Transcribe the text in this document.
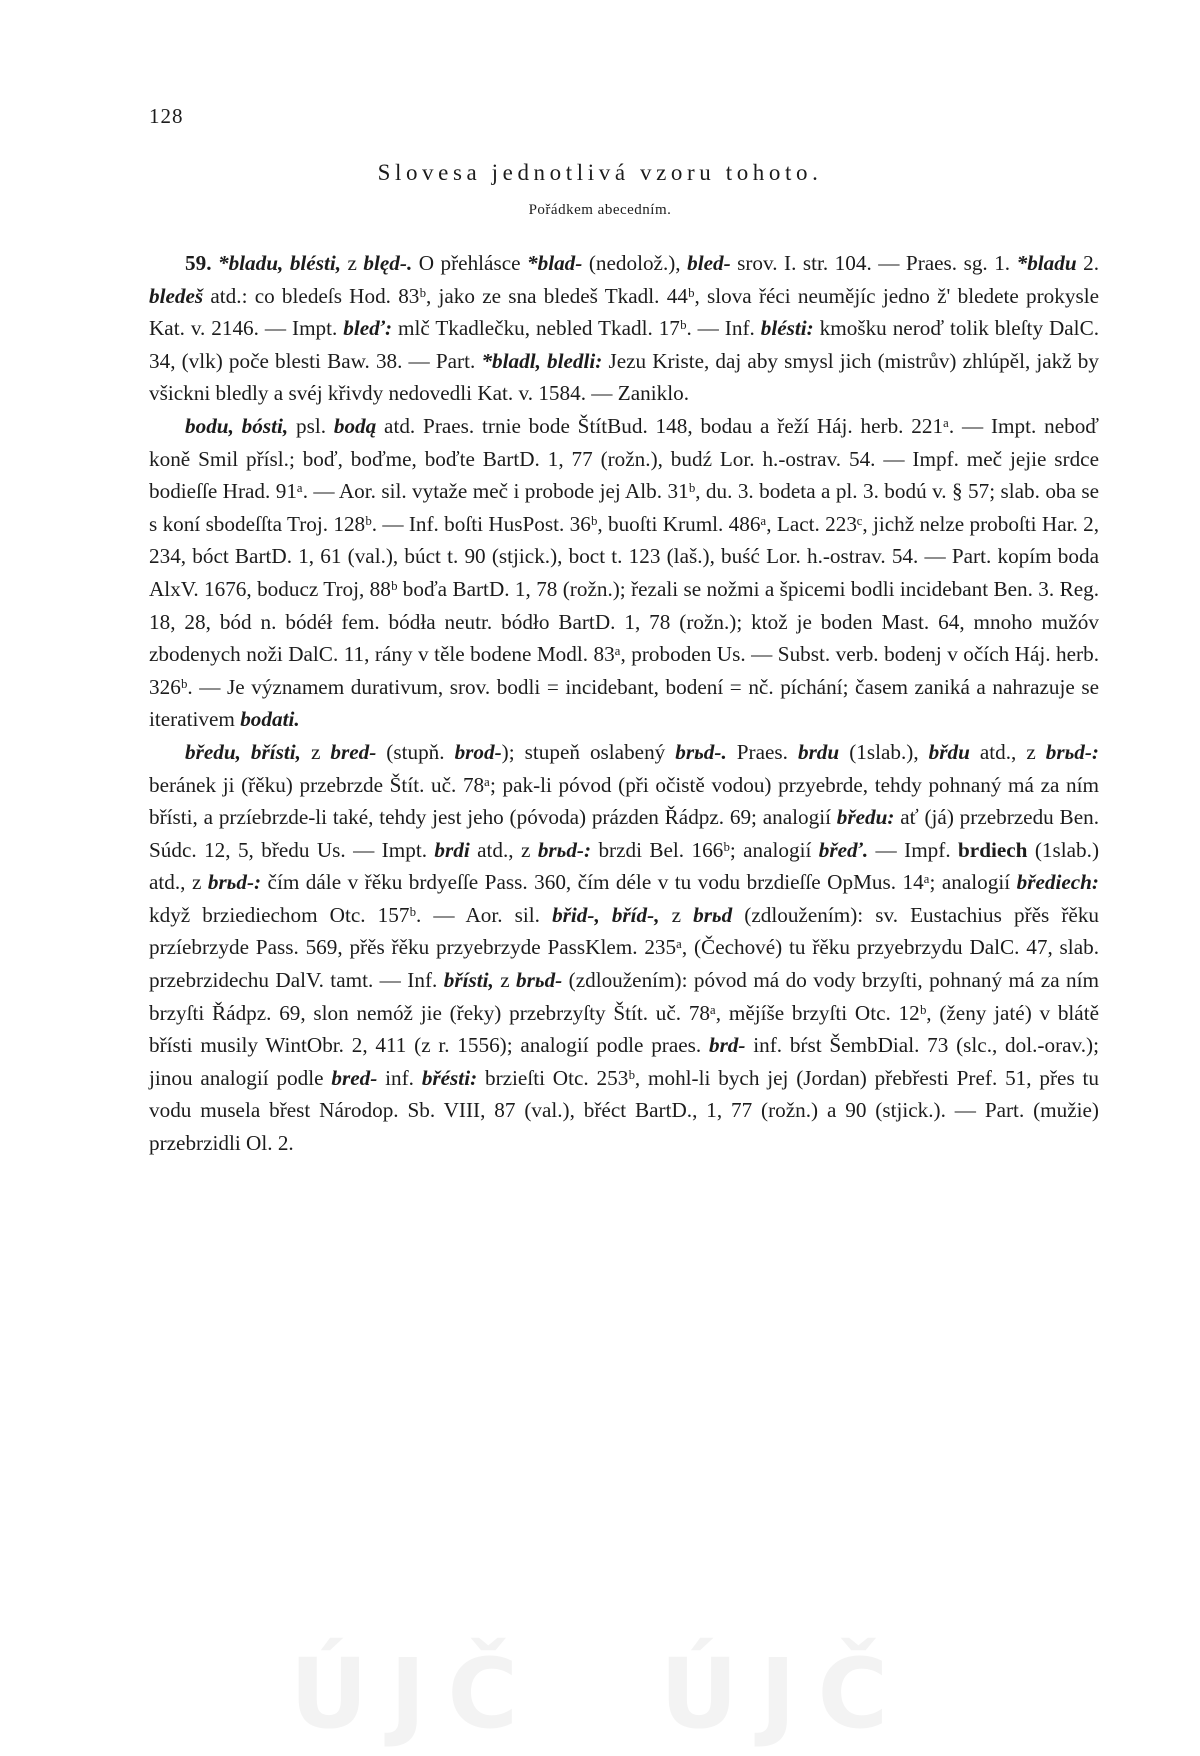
ÚJČ ÚJČ
128
Slovesa jednotlivá vzoru tohoto.
Pořádkem abecedním.

59. *bladu, blésti, z blęd-. O přehlásce *blad- (nedolož.), bled- srov. I. str. 104. — Praes. sg. 1. *bladu 2. bledeš atd.: co bledeſs Hod. 83ᵇ, jako ze sna bledeš Tkadl. 44ᵇ, slova řéci neumějíc jedno ž' bledete prokysle Kat. v. 2146. — Impt. bleď: mlč Tkadlečku, nebled Tkadl. 17ᵇ. — Inf. blésti: kmošku neroď tolik bleſty DalC. 34, (vlk) poče blesti Baw. 38. — Part. *bladl, bledli: Jezu Kriste, daj aby smysl jich (mistrův) zhlúpěl, jakž by všickni bledly a svéj křivdy nedovedli Kat. v. 1584. — Zaniklo.

bodu, bósti, psl. bodą atd. Praes. trnie bode ŠtítBud. 148, bodau a řeží Háj. herb. 221ᵃ. — Impt. neboď koně Smil přísl.; boď, boďme, boďte BartD. 1, 77 (rožn.), budź Lor. h.-ostrav. 54. — Impf. meč jejie srdce bodieſſe Hrad. 91ᵃ. — Aor. sil. vytaže meč i probode jej Alb. 31ᵇ, du. 3. bodeta a pl. 3. bodú v. § 57; slab. oba se s koní sbodeſſta Troj. 128ᵇ. — Inf. boſti HusPost. 36ᵇ, buoſti Kruml. 486ᵃ, Lact. 223ᶜ, jichž nelze proboſti Har. 2, 234, bóct BartD. 1, 61 (val.), búct t. 90 (stjick.), boct t. 123 (laš.), buść Lor. h.-ostrav. 54. — Part. kopím boda AlxV. 1676, boducz Troj, 88ᵇ boďa BartD. 1, 78 (rožn.); řezali se nožmi a špicemi bodli incidebant Ben. 3. Reg. 18, 28, bód n. bódéł fem. bódła neutr. bódło BartD. 1, 78 (rožn.); ktož je boden Mast. 64, mnoho mužóv zbodenych noži DalC. 11, rány v těle bodene Modl. 83ᵃ, proboden Us. — Subst. verb. bodenj v očích Háj. herb. 326ᵇ. — Je významem durativum, srov. bodli = incidebant, bodení = nč. píchání; časem zaniká a nahrazuje se iterativem bodati.

bředu, břísti, z bred- (stupň. brod-); stupeň oslabený brьd-. Praes. brdu (1slab.), břdu atd., z brьd-: beránek ji (řěku) przebrzde Štít. uč. 78ᵃ; pak-li póvod (při očistě vodou) przyebrde, tehdy pohnaný má za ním břísti, a przíebrzde-li také, tehdy jest jeho (póvoda) prázden Řádpz. 69; analogií bředu: ať (já) przebrzedu Ben. Súdc. 12, 5, bředu Us. — Impt. brdi atd., z brьd-: brzdi Bel. 166ᵇ; analogií břeď. — Impf. brdiech (1slab.) atd., z brьd-: čím dále v řěku brdyeſſe Pass. 360, čím déle v tu vodu brzdieſſe OpMus. 14ᵃ; analogií břediech: když brziediechom Otc. 157ᵇ. — Aor. sil. břid-, bříd-, z brьd (zdloužením): sv. Eustachius přěs řěku przíebrzyde Pass. 569, přěs řěku przyebrzyde PassKlem. 235ᵃ, (Čechové) tu řěku przyebrzydu DalC. 47, slab. przebrzidechu DalV. tamt. — Inf. břísti, z brьd- (zdloužením): póvod má do vody brzyſti, pohnaný má za ním brzyſti Řádpz. 69, slon nemóž jie (řeky) przebrzyſty Štít. uč. 78ᵃ, mějíše brzyſti Otc. 12ᵇ, (ženy jaté) v blátě břísti musily WintObr. 2, 411 (z r. 1556); analogií podle praes. brd- inf. bŕst ŠembDial. 73 (slc., dol.-orav.); jinou analogií podle bred- inf. břésti: brzieſti Otc. 253ᵇ, mohl-li bych jej (Jordan) přebřesti Pref. 51, přes tu vodu musela břest Národop. Sb. VIII, 87 (val.), břéct BartD., 1, 77 (rožn.) a 90 (stjick.). — Part. (mužie) przebrzidli Ol. 2.
